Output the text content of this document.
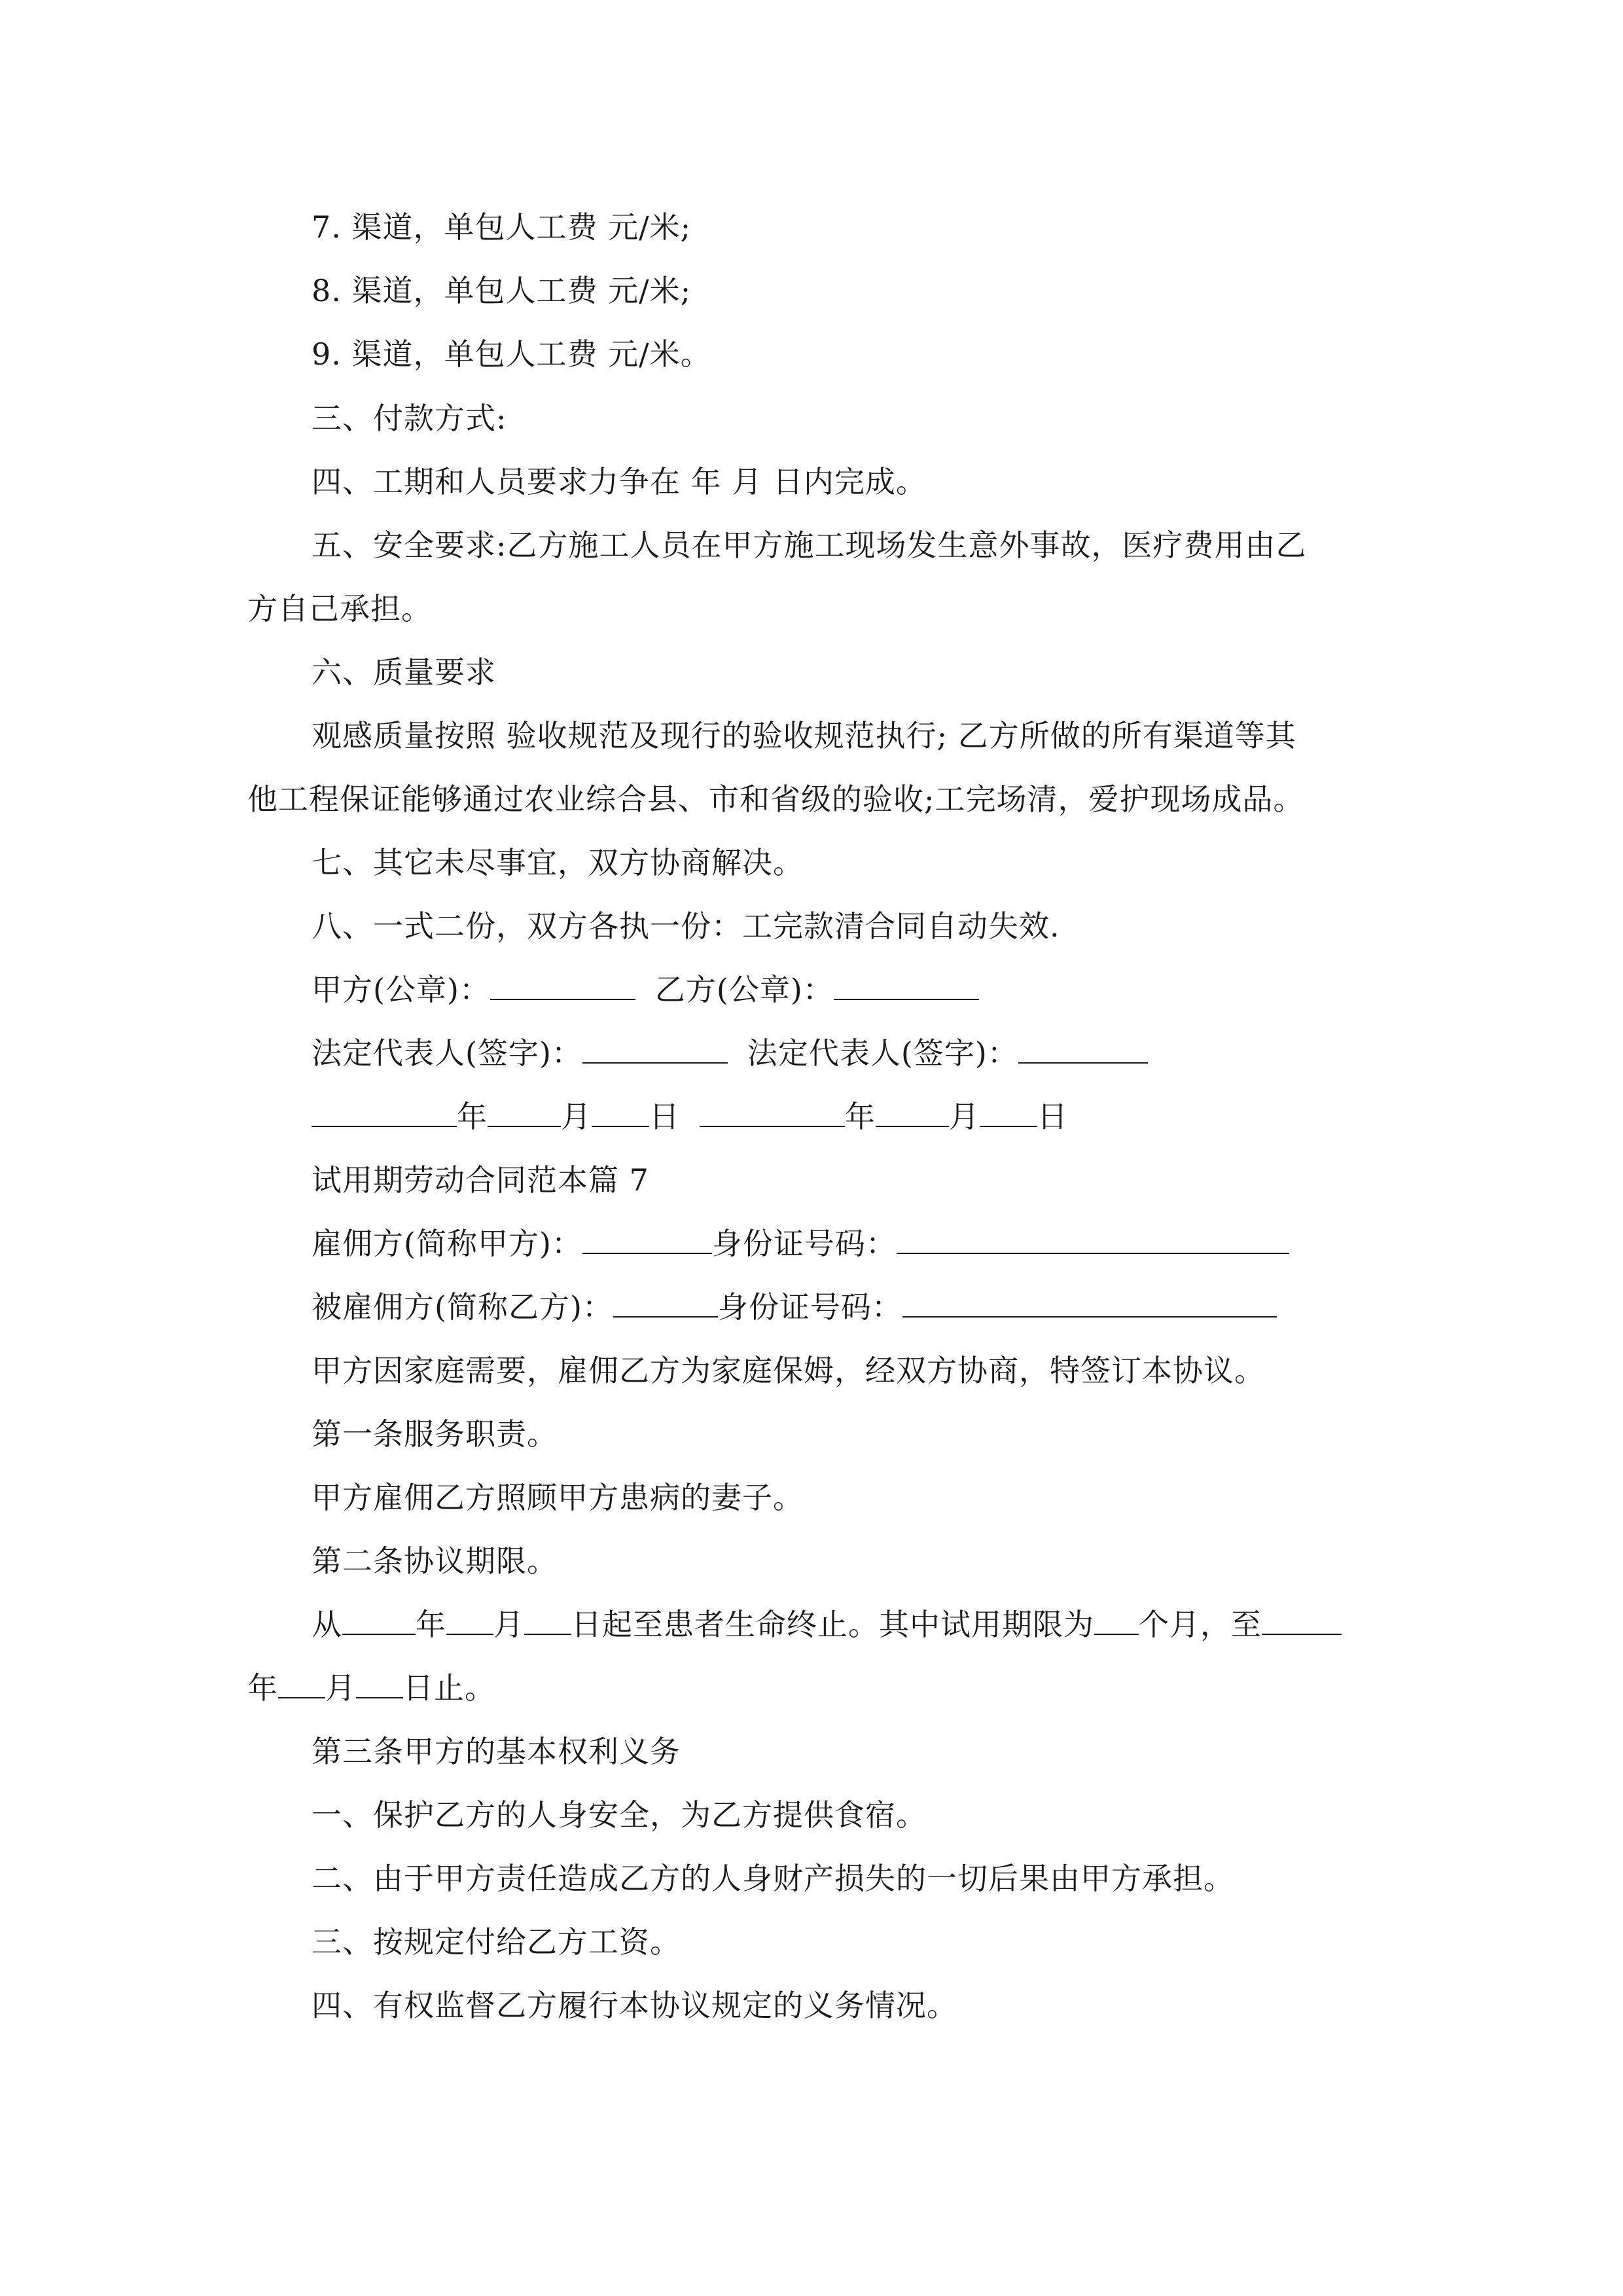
7. 渠道，单包人工费 元/米;
8. 渠道，单包人工费 元/米;
9. 渠道，单包人工费 元/米。
三、付款方式:
四、工期和人员要求力争在 年 月 日内完成。
五、安全要求:乙方施工人员在甲方施工现场发生意外事故，医疗费用由乙
方自己承担。
六、质量要求
观感质量按照 验收规范及现行的验收规范执行; 乙方所做的所有渠道等其
他工程保证能够通过农业综合县、市和省级的验收;工完场清，爱护现场成品。
七、其它未尽事宜，双方协商解决。
八、一式二份，双方各执一份：工完款清合同自动失效.
甲方(公章)：	乙方(公章)：
法定代表人(签字)：	法定代表人(签字)：
年 月 日	年 月 日
试用期劳动合同范本篇 7
雇佣方(简称甲方)：	身份证号码：
被雇佣方(简称乙方)：	身份证号码：
甲方因家庭需要，雇佣乙方为家庭保姆，经双方协商，特签订本协议。
第一条服务职责。
甲方雇佣乙方照顾甲方患病的妻子。
第二条协议期限。
从 年 月 日起至患者生命终止。其中试用期限为 个月，至
年 月 日止。
第三条甲方的基本权利义务
一、保护乙方的人身安全，为乙方提供食宿。
二、由于甲方责任造成乙方的人身财产损失的一切后果由甲方承担。
三、按规定付给乙方工资。
四、有权监督乙方履行本协议规定的义务情况。
